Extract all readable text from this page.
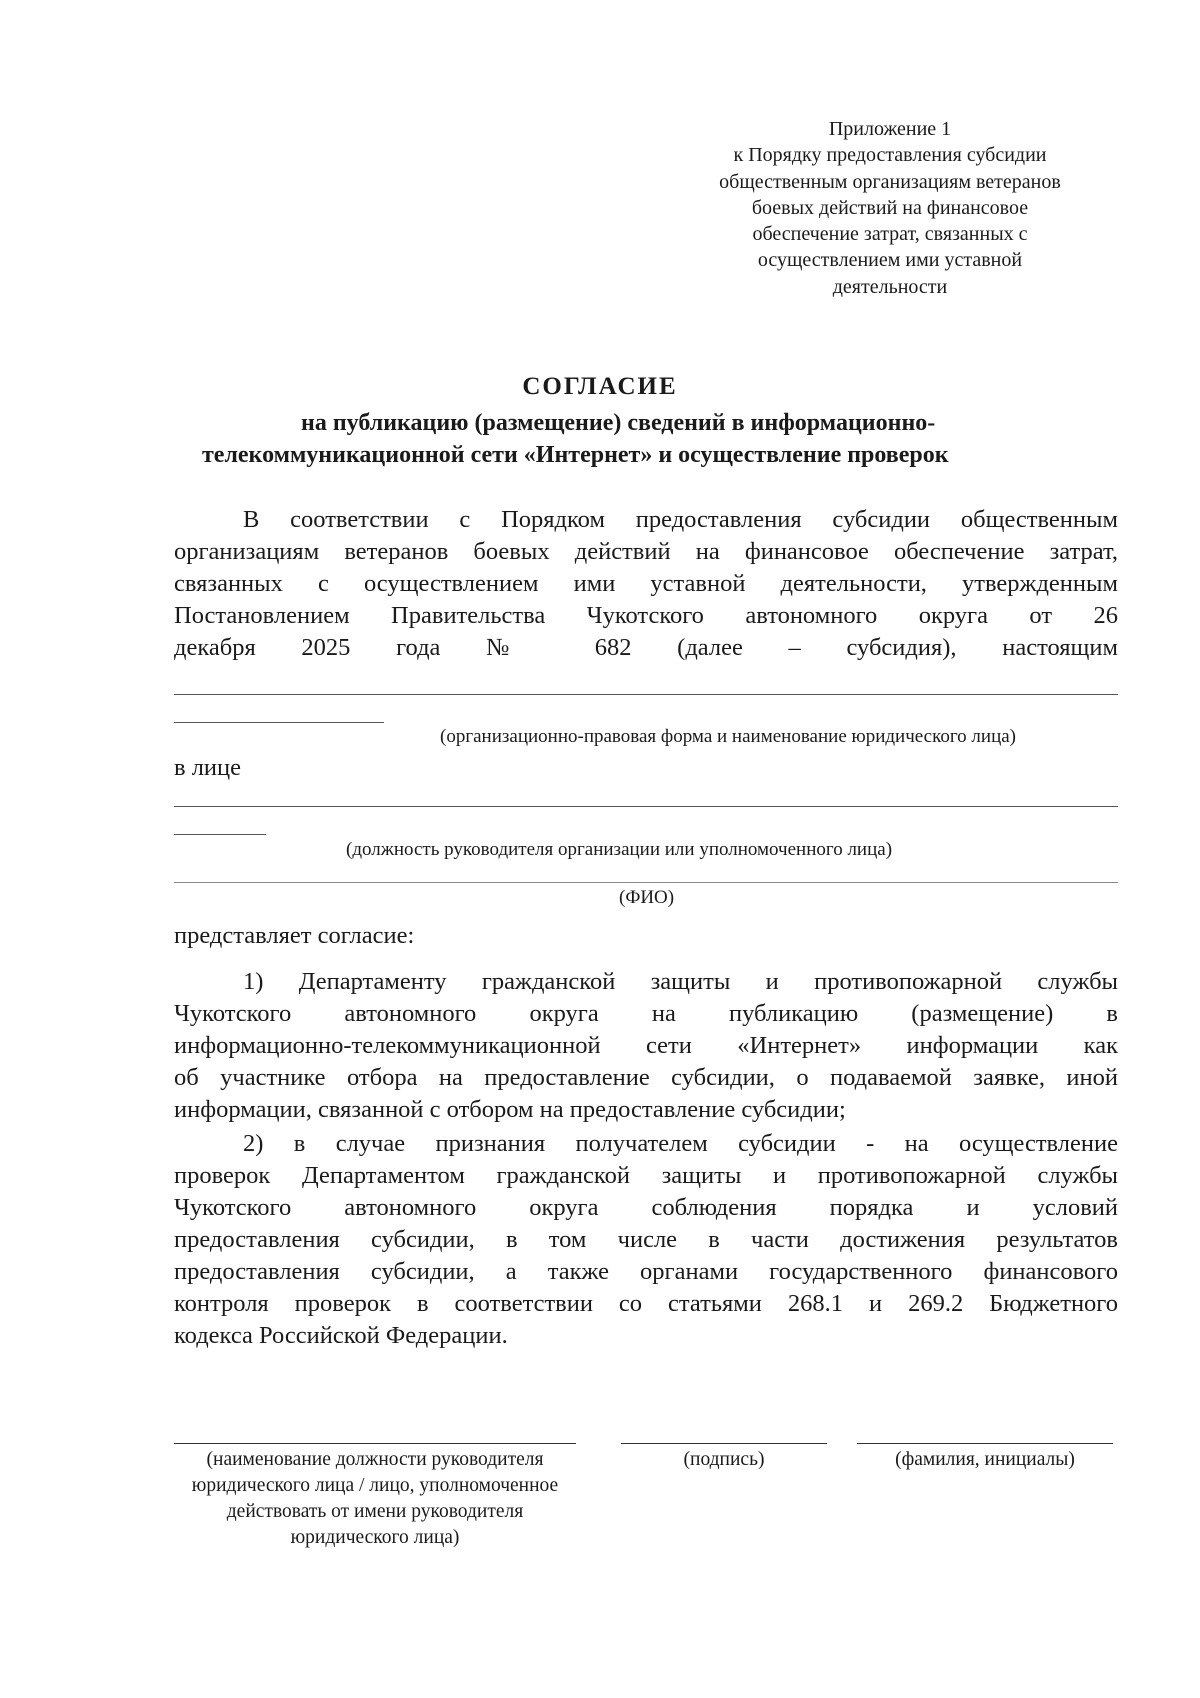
Приложение 1
к Порядку предоставления субсидии
общественным организациям ветеранов
боевых действий на финансовое
обеспечение затрат, связанных с
осуществлением ими уставной
деятельности
СОГЛАСИЕ
на публикацию (размещение) сведений в информационно-
телекоммуникационной сети «Интернет» и осуществление проверок
В соответствии с Порядком предоставления субсидии общественным
организациям ветеранов боевых действий на финансовое обеспечение затрат,
связанных с осуществлением ими уставной деятельности, утвержденным
Постановлением Правительства Чукотского автономного округа от 26
декабря 2025 года № 682 (далее – субсидия), настоящим
(организационно-правовая форма и наименование юридического лица)
в лице
(должность руководителя организации или уполномоченного лица)
(ФИО)
представляет согласие:
1) Департаменту гражданской защиты и противопожарной службы
Чукотского автономного округа на публикацию (размещение) в
информационно-телекоммуникационной сети «Интернет» информации как
об участнике отбора на предоставление субсидии, о подаваемой заявке, иной
информации, связанной с отбором на предоставление субсидии;
2) в случае признания получателем субсидии - на осуществление
проверок Департаментом гражданской защиты и противопожарной службы
Чукотского автономного округа соблюдения порядка и условий
предоставления субсидии, в том числе в части достижения результатов
предоставления субсидии, а также органами государственного финансового
контроля проверок в соответствии со статьями 268.1 и 269.2 Бюджетного
кодекса Российской Федерации.
(наименование должности руководителя юридического лица / лицо, уполномоченное действовать от имени руководителя юридического лица)
(подпись)	(фамилия, инициалы)
